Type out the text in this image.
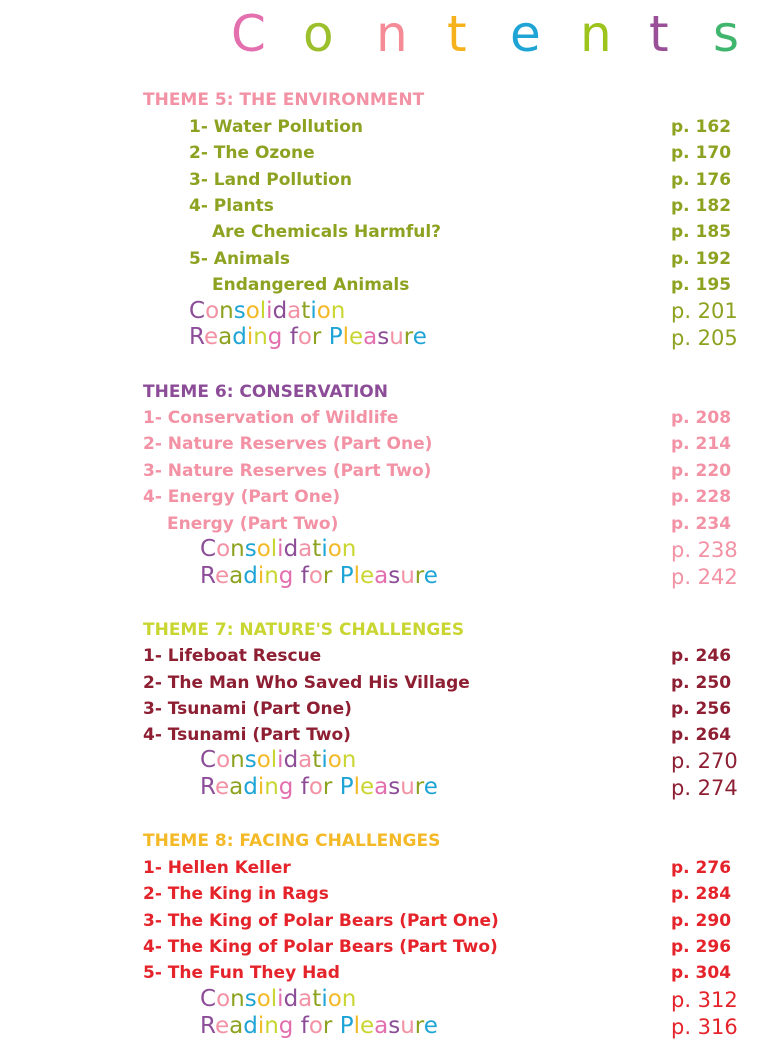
C o n t e n t s
THEME 5: THE ENVIRONMENT
1- Water Pollution	p. 162
2- The Ozone	p. 170
3- Land Pollution	p. 176
4- Plants	p. 182
Are Chemicals Harmful?	p. 185
5- Animals	p. 192
Endangered Animals	p. 195
Consolidation	p. 201
Reading for Pleasure	p. 205
THEME 6: CONSERVATION
1- Conservation of Wildlife	p. 208
2- Nature Reserves (Part One)	p. 214
3- Nature Reserves (Part Two)	p. 220
4- Energy (Part One)	p. 228
Energy (Part Two)	p. 234
Consolidation	p. 238
Reading for Pleasure	p. 242
THEME 7: NATURE'S CHALLENGES
1- Lifeboat Rescue	p. 246
2- The Man Who Saved His Village	p. 250
3- Tsunami (Part One)	p. 256
4- Tsunami (Part Two)	p. 264
Consolidation	p. 270
Reading for Pleasure	p. 274
THEME 8: FACING CHALLENGES
1- Hellen Keller	p. 276
2- The King in Rags	p. 284
3- The King of Polar Bears (Part One)	p. 290
4- The King of Polar Bears (Part Two)	p. 296
5- The Fun They Had	p. 304
Consolidation	p. 312
Reading for Pleasure	p. 316
